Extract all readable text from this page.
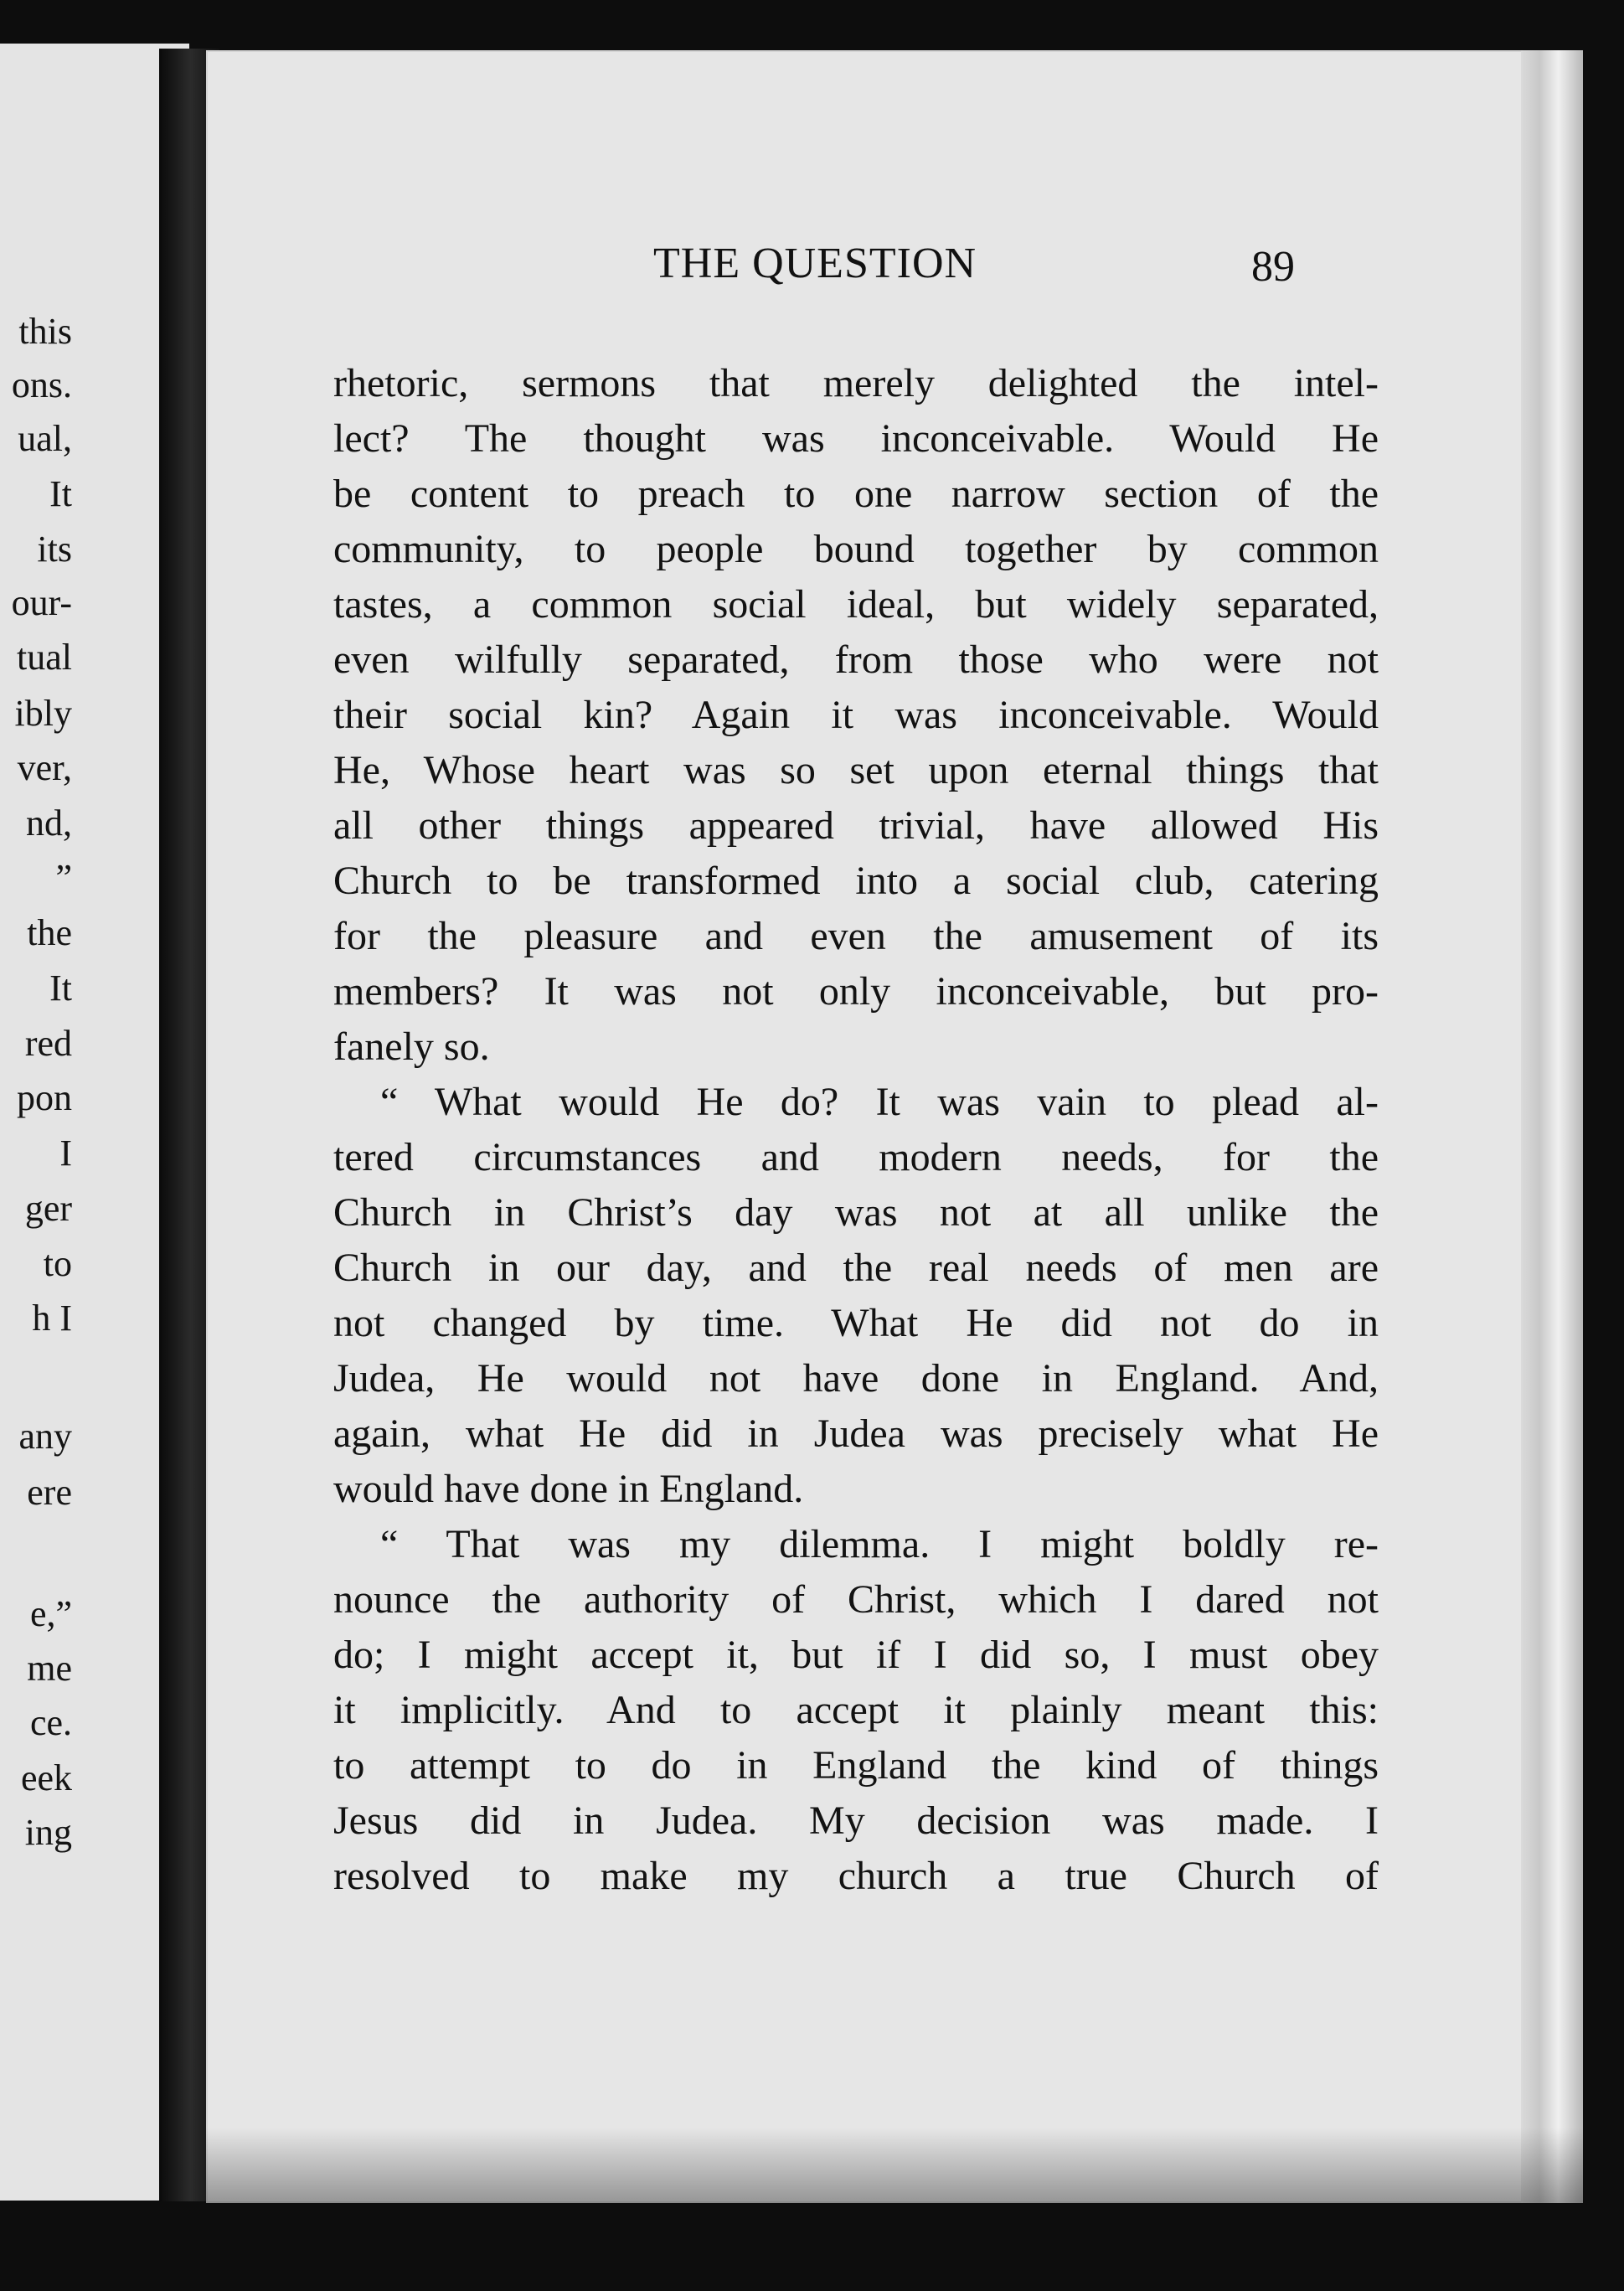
this
ons.
ual,
It
its
our-
tual
ibly
ver,
nd,
”
the
It
red
pon
I
ger
to
h I
any
ere
e,”
me
ce.
eek
ing
THE QUESTION	89
rhetoric, sermons that merely delighted the intel-
lect? The thought was inconceivable. Would He
be content to preach to one narrow section of the
community, to people bound together by common
tastes, a common social ideal, but widely separated,
even wilfully separated, from those who were not
their social kin? Again it was inconceivable. Would
He, Whose heart was so set upon eternal things that
all other things appeared trivial, have allowed His
Church to be transformed into a social club, catering
for the pleasure and even the amusement of its
members? It was not only inconceivable, but pro-
fanely so.
“ What would He do? It was vain to plead al-
tered circumstances and modern needs, for the
Church in Christ’s day was not at all unlike the
Church in our day, and the real needs of men are
not changed by time. What He did not do in
Judea, He would not have done in England. And,
again, what He did in Judea was precisely what He
would have done in England.
“ That was my dilemma. I might boldly re-
nounce the authority of Christ, which I dared not
do; I might accept it, but if I did so, I must obey
it implicitly. And to accept it plainly meant this:
to attempt to do in England the kind of things
Jesus did in Judea. My decision was made. I
resolved to make my church a true Church of
